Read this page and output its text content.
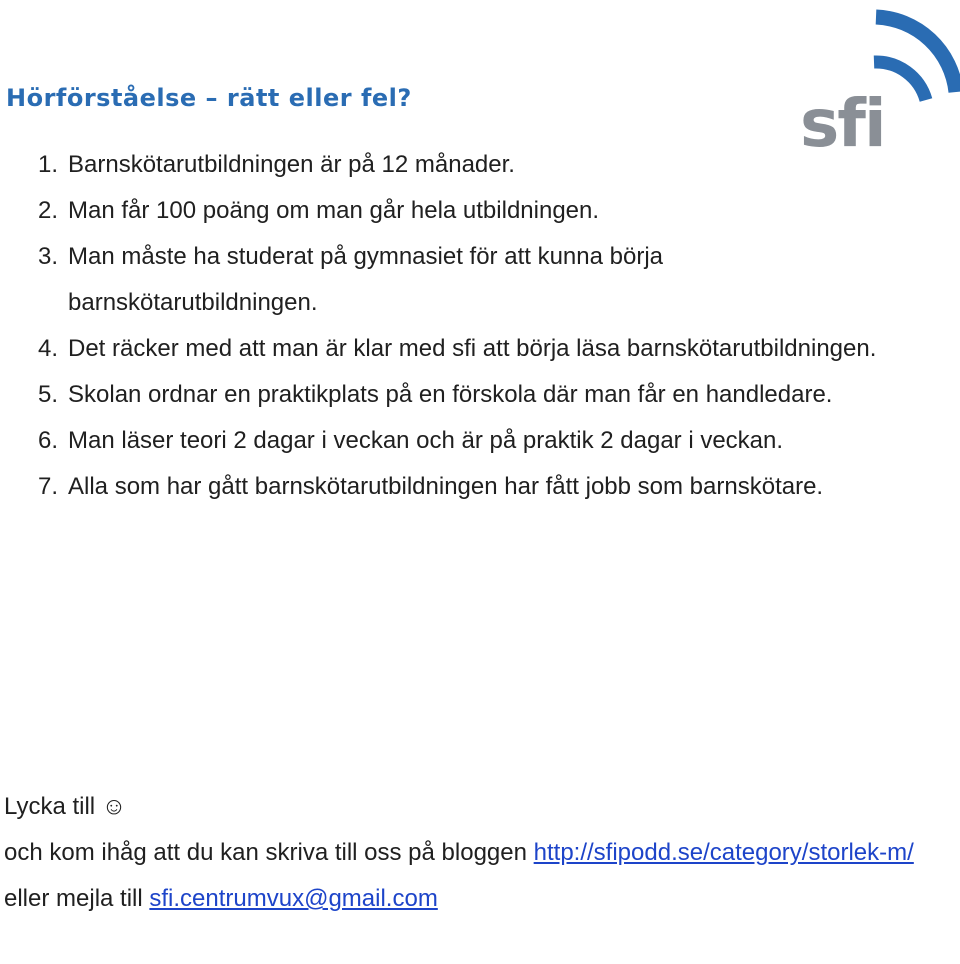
sfi
Hörförståelse – rätt eller fel?
1. Barnskötarutbildningen är på 12 månader.
2. Man får 100 poäng om man går hela utbildningen.
3. Man måste ha studerat på gymnasiet för att kunna börja barnskötarutbildningen.
4. Det räcker med att man är klar med sfi att börja läsa barnskötarutbildningen.
5. Skolan ordnar en praktikplats på en förskola där man får en handledare.
6. Man läser teori 2 dagar i veckan och är på praktik 2 dagar i veckan.
7. Alla som har gått barnskötarutbildningen har fått jobb som barnskötare.

Lycka till ☺

och kom ihåg att du kan skriva till oss på bloggen http://sfipodd.se/category/storlek-m/

eller mejla till sfi.centrumvux@gmail.com
